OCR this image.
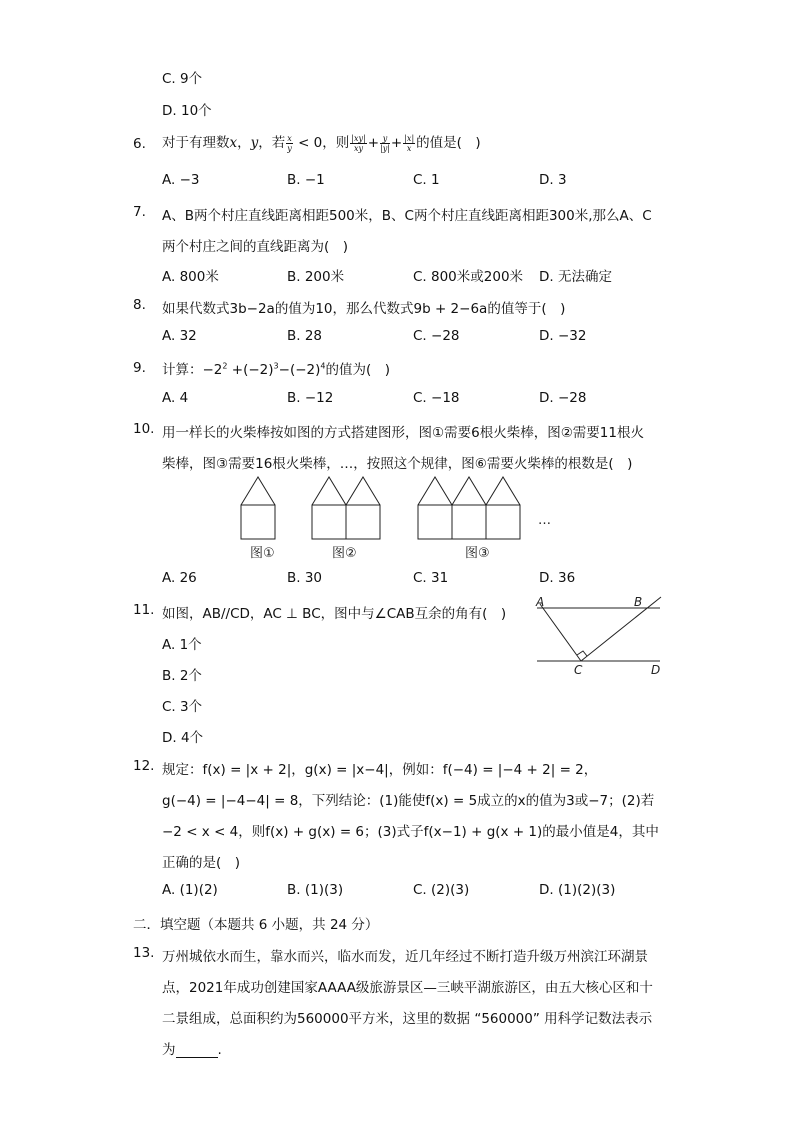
C. 9个
D. 10个
6. 对于有理数x，y，若 $\frac{x}{y} < 0$，则 $\frac{|xy|}{xy} + \frac{y}{|y|} + \frac{|x|}{x}$ 的值是(　)
A. −3	B. −1	C. 1	D. 3
7. A、B两个村庄直线距离相距500米，B、C两个村庄直线距离相距300米,那么A、C
两个村庄之间的直线距离为(　)
A. 800米	B. 200米	C. 800米或200米 D. 无法确定
8. 如果代数式3b−2a的值为10，那么代数式9b + 2−6a的值等于(　)
A. 32	B. 28	C. −28	D. −32
9. 计算：$-2^2 +(-2)^3-(-2)^4$的值为(　)
A. 4	B. −12	C. −18	D. −28
10. 用一样长的火柴棒按如图的方式搭建图形，图①需要6根火柴棒，图②需要11根火
柴棒，图③需要16根火柴棒，…，按照这个规律，图⑥需要火柴棒的根数是(　)
…
图①	图②	图③
A. 26	B. 30	C. 31	D. 36
11. 如图，AB//CD，AC ⊥ BC，图中与∠CAB互余的角有(　)
A. 1个
B. 2个
C. 3个
D. 4个
A	B
C	D
12. 规定：f(x) = |x + 2|，g(x) = |x−4|，例如：f(−4) = |−4 + 2| = 2，
g(−4) = |−4−4| = 8，下列结论：(1)能使f(x) = 5成立的x的值为3或−7；(2)若
−2 < x < 4，则f(x) + g(x) = 6；(3)式子f(x−1) + g(x + 1)的最小值是4，其中
正确的是(　)
A. (1)(2)	B. (1)(3)	C. (2)(3)	D. (1)(2)(3)
二．填空题（本题共 6 小题，共 24 分）
13. 万州城依水而生，靠水而兴，临水而发，近几年经过不断打造升级万州滨江环湖景
点，2021年成功创建国家AAAA级旅游景区—三峡平湖旅游区，由五大核心区和十
二景组成，总面积约为560000平方米，这里的数据 “560000” 用科学记数法表示
为	.
